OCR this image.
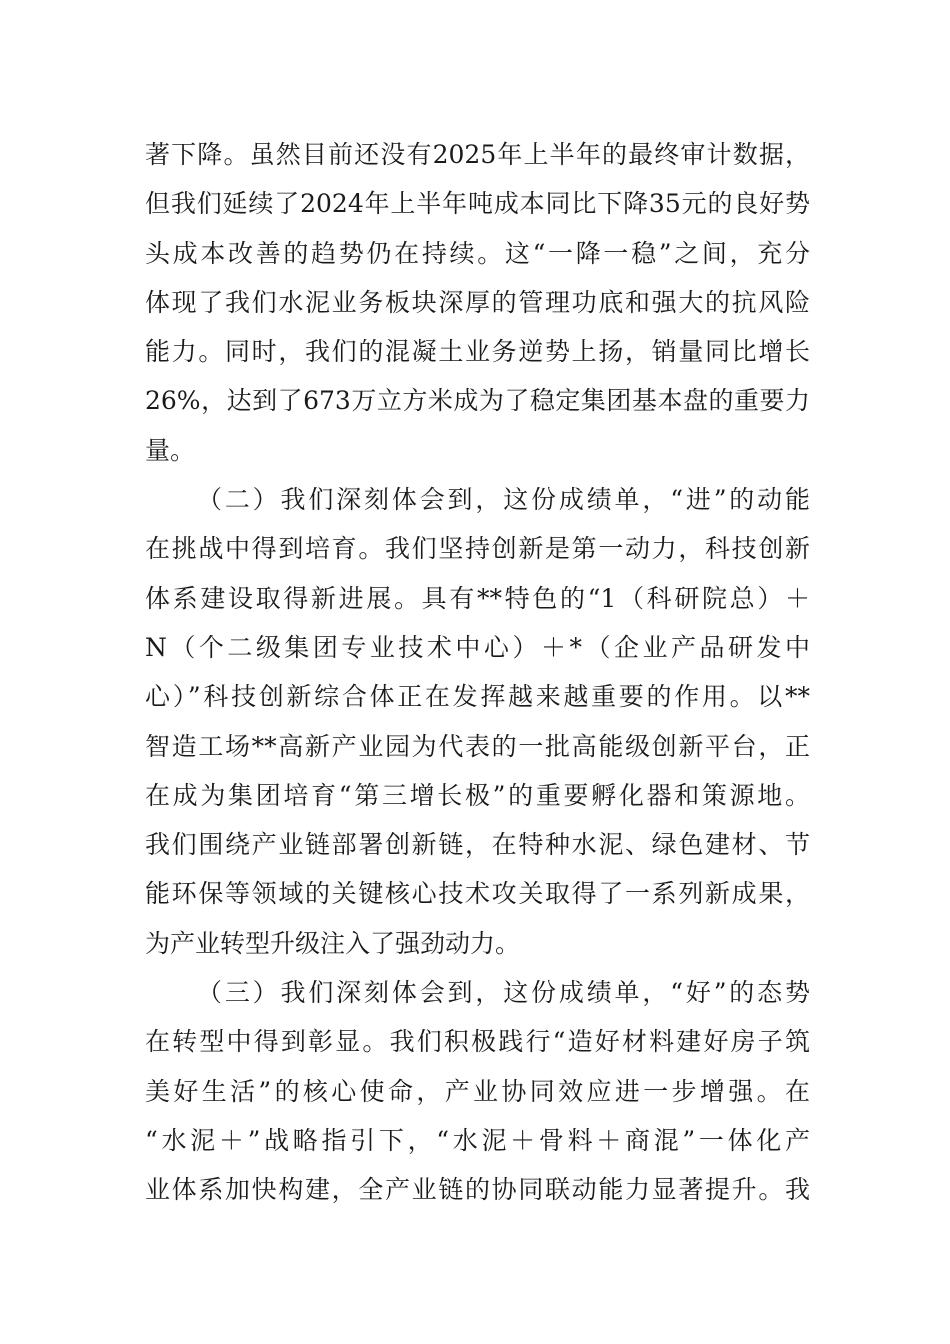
著下降。虽然目前还没有2025年上半年的最终审计数据，
但我们延续了2024年上半年吨成本同比下降35元的良好势
头成本改善的趋势仍在持续。这“一降一稳”之间，充分
体现了我们水泥业务板块深厚的管理功底和强大的抗风险
能力。同时，我们的混凝土业务逆势上扬，销量同比增长
26%，达到了673万立方米成为了稳定集团基本盘的重要力
量。
（二）我们深刻体会到，这份成绩单，“进”的动能
在挑战中得到培育。我们坚持创新是第一动力，科技创新
体系建设取得新进展。具有**特色的“1（科研院总）＋
N（个二级集团专业技术中心）＋*（企业产品研发中
心）”科技创新综合体正在发挥越来越重要的作用。以**
智造工场**高新产业园为代表的一批高能级创新平台，正
在成为集团培育“第三增长极”的重要孵化器和策源地。
我们围绕产业链部署创新链，在特种水泥、绿色建材、节
能环保等领域的关键核心技术攻关取得了一系列新成果，
为产业转型升级注入了强劲动力。
（三）我们深刻体会到，这份成绩单，“好”的态势
在转型中得到彰显。我们积极践行“造好材料建好房子筑
美好生活”的核心使命，产业协同效应进一步增强。在
“水泥＋”战略指引下，“水泥＋骨料＋商混”一体化产
业体系加快构建，全产业链的协同联动能力显著提升。我
